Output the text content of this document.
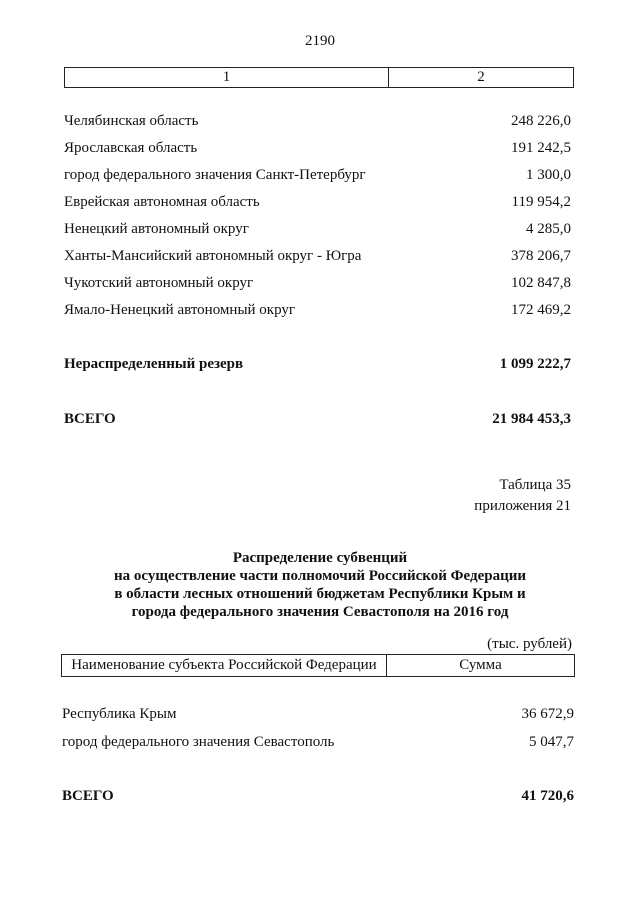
2190
1	2
Челябинская область	248 226,0
Ярославская область	191 242,5
город федерального значения Санкт-Петербург	1 300,0
Еврейская автономная область	119 954,2
Ненецкий автономный округ	4 285,0
Ханты-Мансийский автономный округ - Югра	378 206,7
Чукотский автономный округ	102 847,8
Ямало-Ненецкий автономный округ	172 469,2
Нераспределенный резерв	1 099 222,7
ВСЕГО	21 984 453,3
Таблица 35
приложения 21
Распределение субвенций
на осуществление части полномочий Российской Федерации
в области лесных отношений бюджетам Республики Крым и
города федерального значения Севастополя на 2016 год
(тыс. рублей)
Наименование субъекта Российской Федерации	Сумма
Республика Крым	36 672,9
город федерального значения Севастополь	5 047,7
ВСЕГО	41 720,6
